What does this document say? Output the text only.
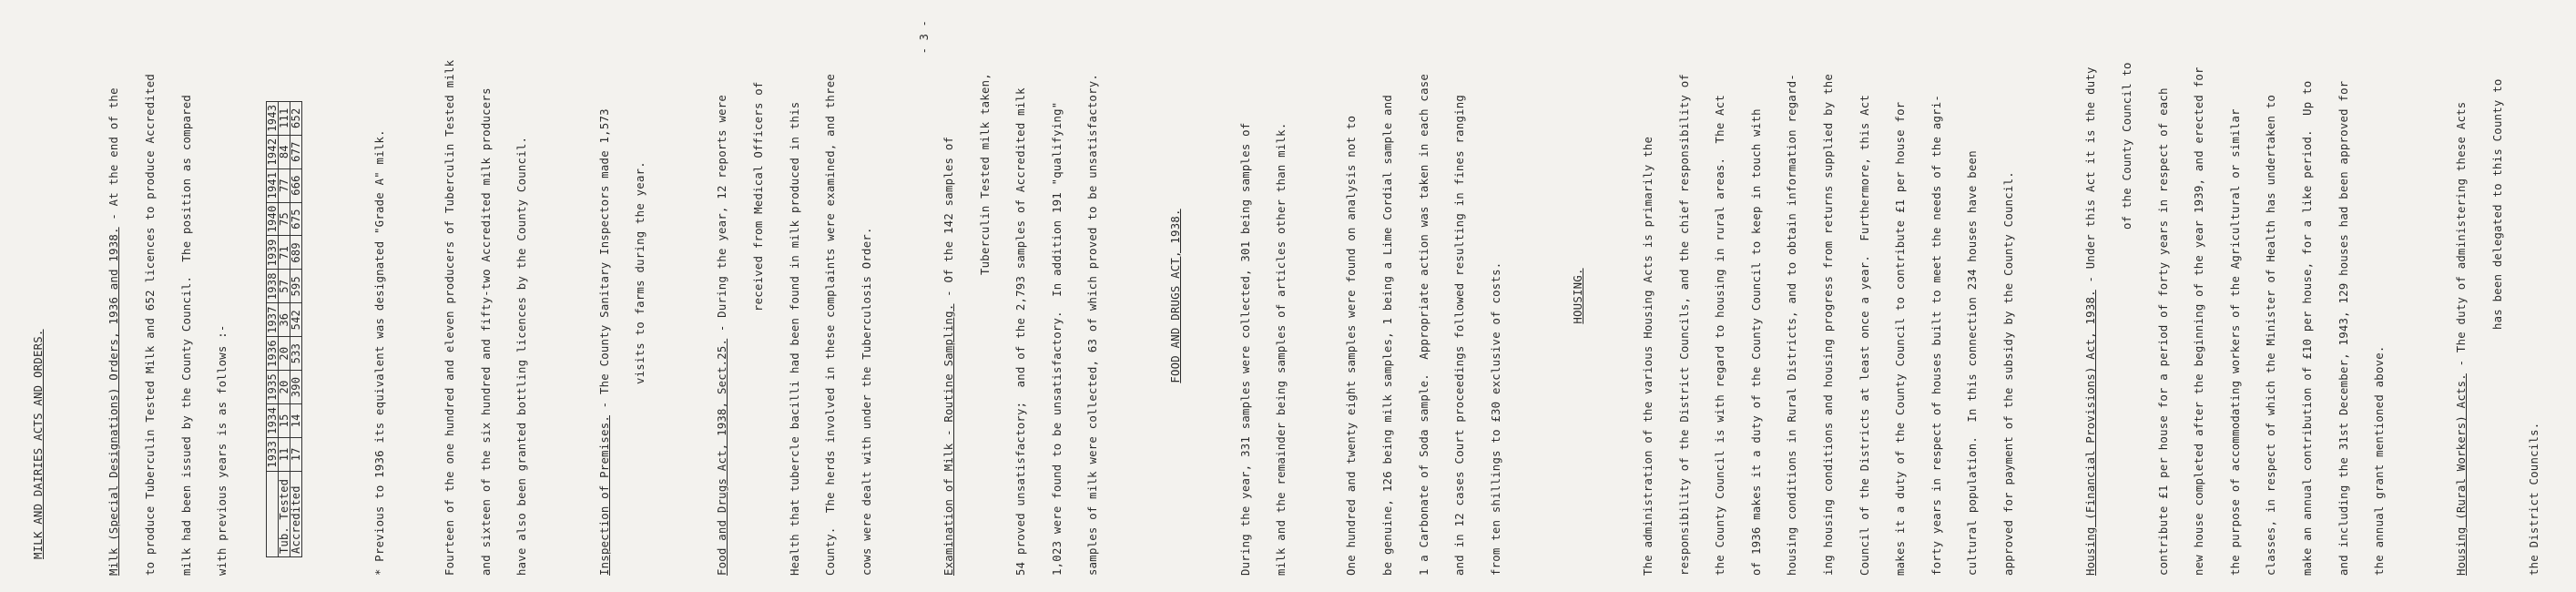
MILK AND DAIRIES ACTS AND ORDERS.

	Milk (Special Designations) Orders, 1936 and 1938. - At the end of the

to produce Tuberculin Tested Milk and 652 licences to produce Accredited

milk had been issued by the County Council.  The position as compared

with previous years is as follows :-

		1933	1934	1935	1936	1937	1938	1939	1940	1941	1942	1943
Tub. Tested	11	15	20	20	36	57	71	75	77	84	111
Accredited	17	14	390	533	542	595	689	675	666	677	652

* Previous to 1936 its equivalent was designated "Grade A" milk.

	Fourteen of the one hundred and eleven producers of Tuberculin Tested milk

and sixteen of the six hundred and fifty-two Accredited milk producers

have also been granted bottling licences by the County Council.

	Inspection of Premises. - The County Sanitary Inspectors made 1,573

visits to farms during the year.

Food and Drugs Act, 1938, Sect.25. - During the year, 12 reports were

received from Medical Officers of

Health that tubercle bacilli had been found in milk produced in this

County.  The herds involved in these complaints were examined, and three

cows were dealt with under the Tuberculosis Order.

	Examination of Milk - Routine Sampling. - Of the 142 samples of

Tuberculin Tested milk taken,

54 proved unsatisfactory;  and of the 2,793 samples of Accredited milk

1,023 were found to be unsatisfactory.  In addition 191 "qualifying"

samples of milk were collected, 63 of which proved to be unsatisfactory.

	FOOD AND DRUGS ACT, 1938.

	During the year, 331 samples were collected, 301 being samples of

milk and the remainder being samples of articles other than milk.

	One hundred and twenty eight samples were found on analysis not to

be genuine, 126 being milk samples, 1 being a Lime Cordial sample and

1 a Carbonate of Soda sample.  Appropriate action was taken in each case

and in 12 cases Court proceedings followed resulting in fines ranging

from ten shillings to £30 exclusive of costs.

	HOUSING.

	The administration of the various Housing Acts is primarily the

responsibility of the District Councils, and the chief responsibility of

the County Council is with regard to housing in rural areas.  The Act

of 1936 makes it a duty of the County Council to keep in touch with

housing conditions in Rural Districts, and to obtain information regard-

ing housing conditions and housing progress from returns supplied by the

Council of the Districts at least once a year.  Furthermore, this Act

makes it a duty of the County Council to contribute £1 per house for

forty years in respect of houses built to meet the needs of the agri-

cultural population.  In this connection 234 houses have been

approved for payment of the subsidy by the County Council.

	Housing (Financial Provisions) Act, 1938. - Under this Act it is the duty

of the County Council to

contribute £1 per house for a period of forty years in respect of each

new house completed after the beginning of the year 1939, and erected for

the purpose of accommodating workers of the Agricultural or similar

classes, in respect of which the Minister of Health has undertaken to

make an annual contribution of £10 per house, for a like period.  Up to

and including the 31st December, 1943, 129 houses had been approved for

the annual grant mentioned above.

	Housing (Rural Workers) Acts. - The duty of administering these Acts

has been delegated to this County to

the District Councils.

- 3 -
